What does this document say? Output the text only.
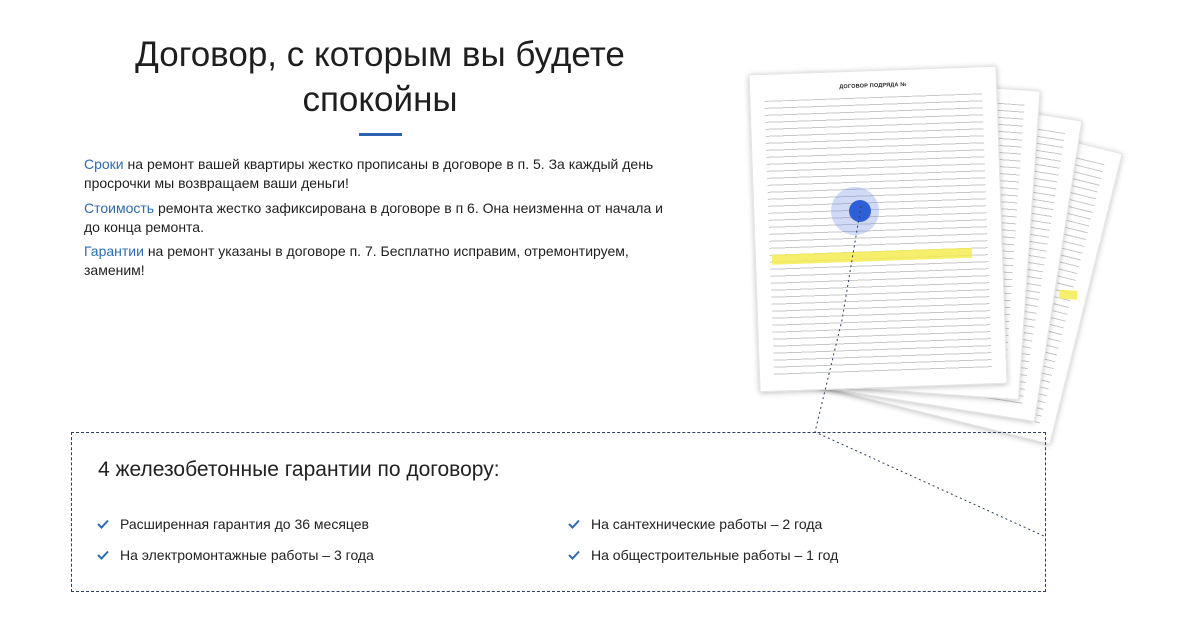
Договор, с которым вы будете спокойны

Сроки на ремонт вашей квартиры жестко прописаны в договоре в п. 5. За каждый день просрочки мы возвращаем ваши деньги!

Стоимость ремонта жестко зафиксирована в договоре в п 6. Она неизменна от начала и до конца ремонта.

Гарантии на ремонт указаны в договоре п. 7. Бесплатно исправим, отремонтируем, заменим!

ДОГОВОР ПОДРЯДА №
4 железобетонные гарантии по договору:
Расширенная гарантия до 36 месяцев
На электромонтажные работы – 3 года
На сантехнические работы – 2 года
На общестроительные работы – 1 год
